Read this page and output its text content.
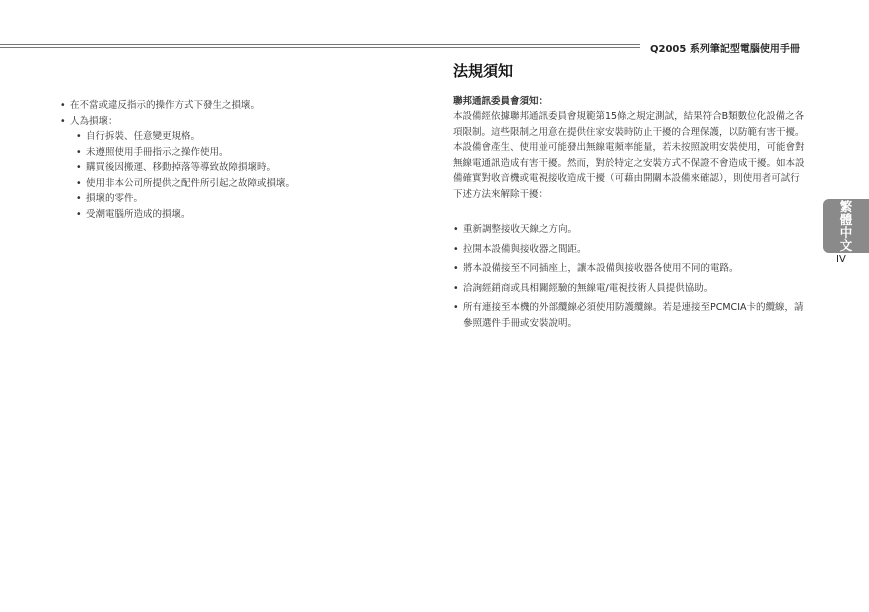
Q2005 系列筆記型電腦使用手冊
• 在不當或違反指示的操作方式下發生之損壞。
• 人為損壞：
• 自行拆裝、任意變更規格。
• 未遵照使用手冊指示之操作使用。
• 購買後因搬運、移動掉落等導致故障損壞時。
• 使用非本公司所提供之配件所引起之故障或損壞。
• 損壞的零件。
• 受潮電腦所造成的損壞。
法規須知

聯邦通訊委員會須知：

本設備經依據聯邦通訊委員會規範第15條之規定測試，結果符合B類數位化設備之各項限制。這些限制之用意在提供住家安裝時防止干擾的合理保護，以防範有害干擾。

本設備會產生、使用並可能發出無線電頻率能量，若未按照說明安裝使用，可能會對無線電通訊造成有害干擾。然而，對於特定之安裝方式不保證不會造成干擾。如本設備確實對收音機或電視接收造成干擾（可藉由開關本設備來確認），則使用者可試行下述方法來解除干擾：

• 重新調整接收天線之方向。
• 拉開本設備與接收器之間距。
• 將本設備接至不同插座上，讓本設備與接收器各使用不同的電路。
• 洽詢經銷商或具相關經驗的無線電/電視技術人員提供協助。
• 所有連接至本機的外部纜線必須使用防護纜線。若是連接至PCMCIA卡的纜線，請參照選件手冊或安裝說明。
繁
體
中
文
IV
